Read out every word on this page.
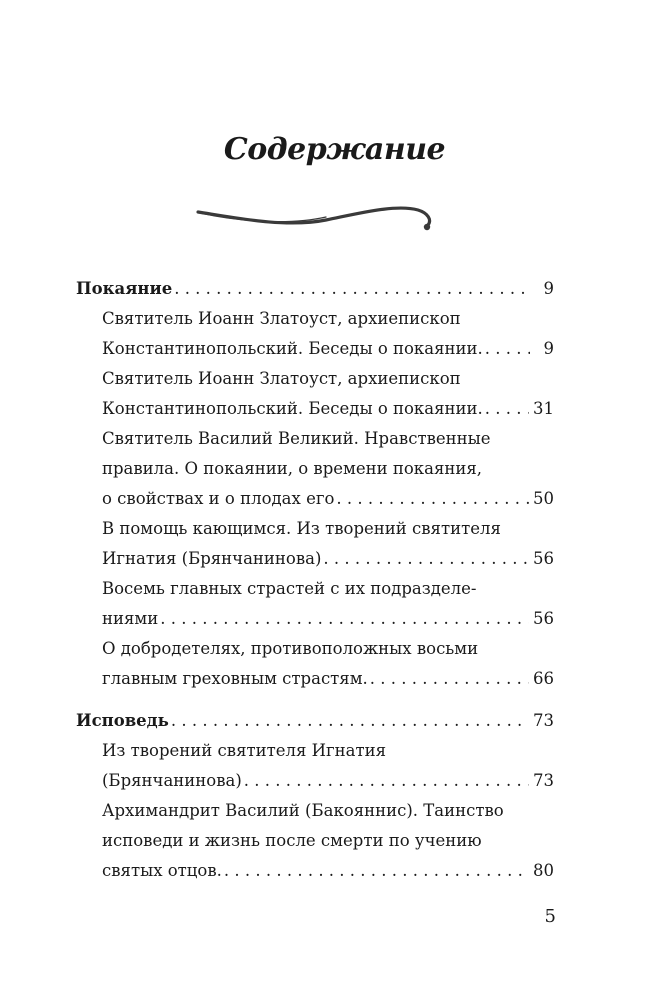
Содержание
Покаяние . . .	9
Святитель Иоанн Златоуст, архиепископ
Константинопольский. Беседы о покаянии. . . .	9
Святитель Иоанн Златоуст, архиепископ
Константинопольский. Беседы о покаянии. . . .	31
Святитель Василий Великий. Нравственные
правила. О покаянии, о времени покаяния,
о свойствах и о плодах его . . .	50
В помощь кающимся. Из творений святителя
Игнатия (Брянчанинова) . . .	56
Восемь главных страстей с их подразделе-
ниями . . .	56
О добродетелях, противоположных восьми
главным греховным страстям. . . .	66
Исповедь . . .	73
Из творений святителя Игнатия
(Брянчанинова) . . .	73
Архимандрит Василий (Бакояннис). Таинство
исповеди и жизнь после смерти по учению
святых отцов. . . .	80
5
